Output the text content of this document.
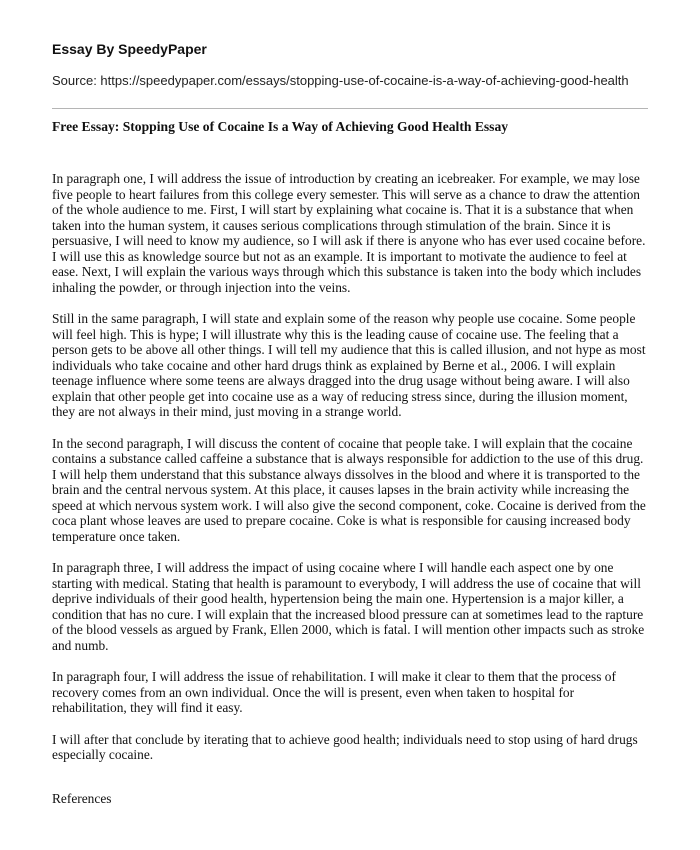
Essay By SpeedyPaper
Source: https://speedypaper.com/essays/stopping-use-of-cocaine-is-a-way-of-achieving-good-health
Free Essay: Stopping Use of Cocaine Is a Way of Achieving Good Health Essay

In paragraph one, I will address the issue of introduction by creating an icebreaker. For example, we may lose five people to heart failures from this college every semester. This will serve as a chance to draw the attention of the whole audience to me. First, I will start by explaining what cocaine is. That it is a substance that when taken into the human system, it causes serious complications through stimulation of the brain. Since it is persuasive, I will need to know my audience, so I will ask if there is anyone who has ever used cocaine before. I will use this as knowledge source but not as an example. It is important to motivate the audience to feel at ease. Next, I will explain the various ways through which this substance is taken into the body which includes inhaling the powder, or through injection into the veins.

Still in the same paragraph, I will state and explain some of the reason why people use cocaine. Some people will feel high. This is hype; I will illustrate why this is the leading cause of cocaine use. The feeling that a person gets to be above all other things. I will tell my audience that this is called illusion, and not hype as most individuals who take cocaine and other hard drugs think as explained by Berne et al., 2006. I will explain teenage influence where some teens are always dragged into the drug usage without being aware. I will also explain that other people get into cocaine use as a way of reducing stress since, during the illusion moment, they are not always in their mind, just moving in a strange world.

In the second paragraph, I will discuss the content of cocaine that people take. I will explain that the cocaine contains a substance called caffeine a substance that is always responsible for addiction to the use of this drug. I will help them understand that this substance always dissolves in the blood and where it is transported to the brain and the central nervous system. At this place, it causes lapses in the brain activity while increasing the speed at which nervous system work. I will also give the second component, coke. Cocaine is derived from the coca plant whose leaves are used to prepare cocaine. Coke is what is responsible for causing increased body temperature once taken.

In paragraph three, I will address the impact of using cocaine where I will handle each aspect one by one starting with medical. Stating that health is paramount to everybody, I will address the use of cocaine that will deprive individuals of their good health, hypertension being the main one. Hypertension is a major killer, a condition that has no cure. I will explain that the increased blood pressure can at sometimes lead to the rapture of the blood vessels as argued by Frank, Ellen 2000, which is fatal. I will mention other impacts such as stroke and numb.

In paragraph four, I will address the issue of rehabilitation. I will make it clear to them that the process of recovery comes from an own individual. Once the will is present, even when taken to hospital for rehabilitation, they will find it easy.

I will after that conclude by iterating that to achieve good health; individuals need to stop using of hard drugs especially cocaine.

References
